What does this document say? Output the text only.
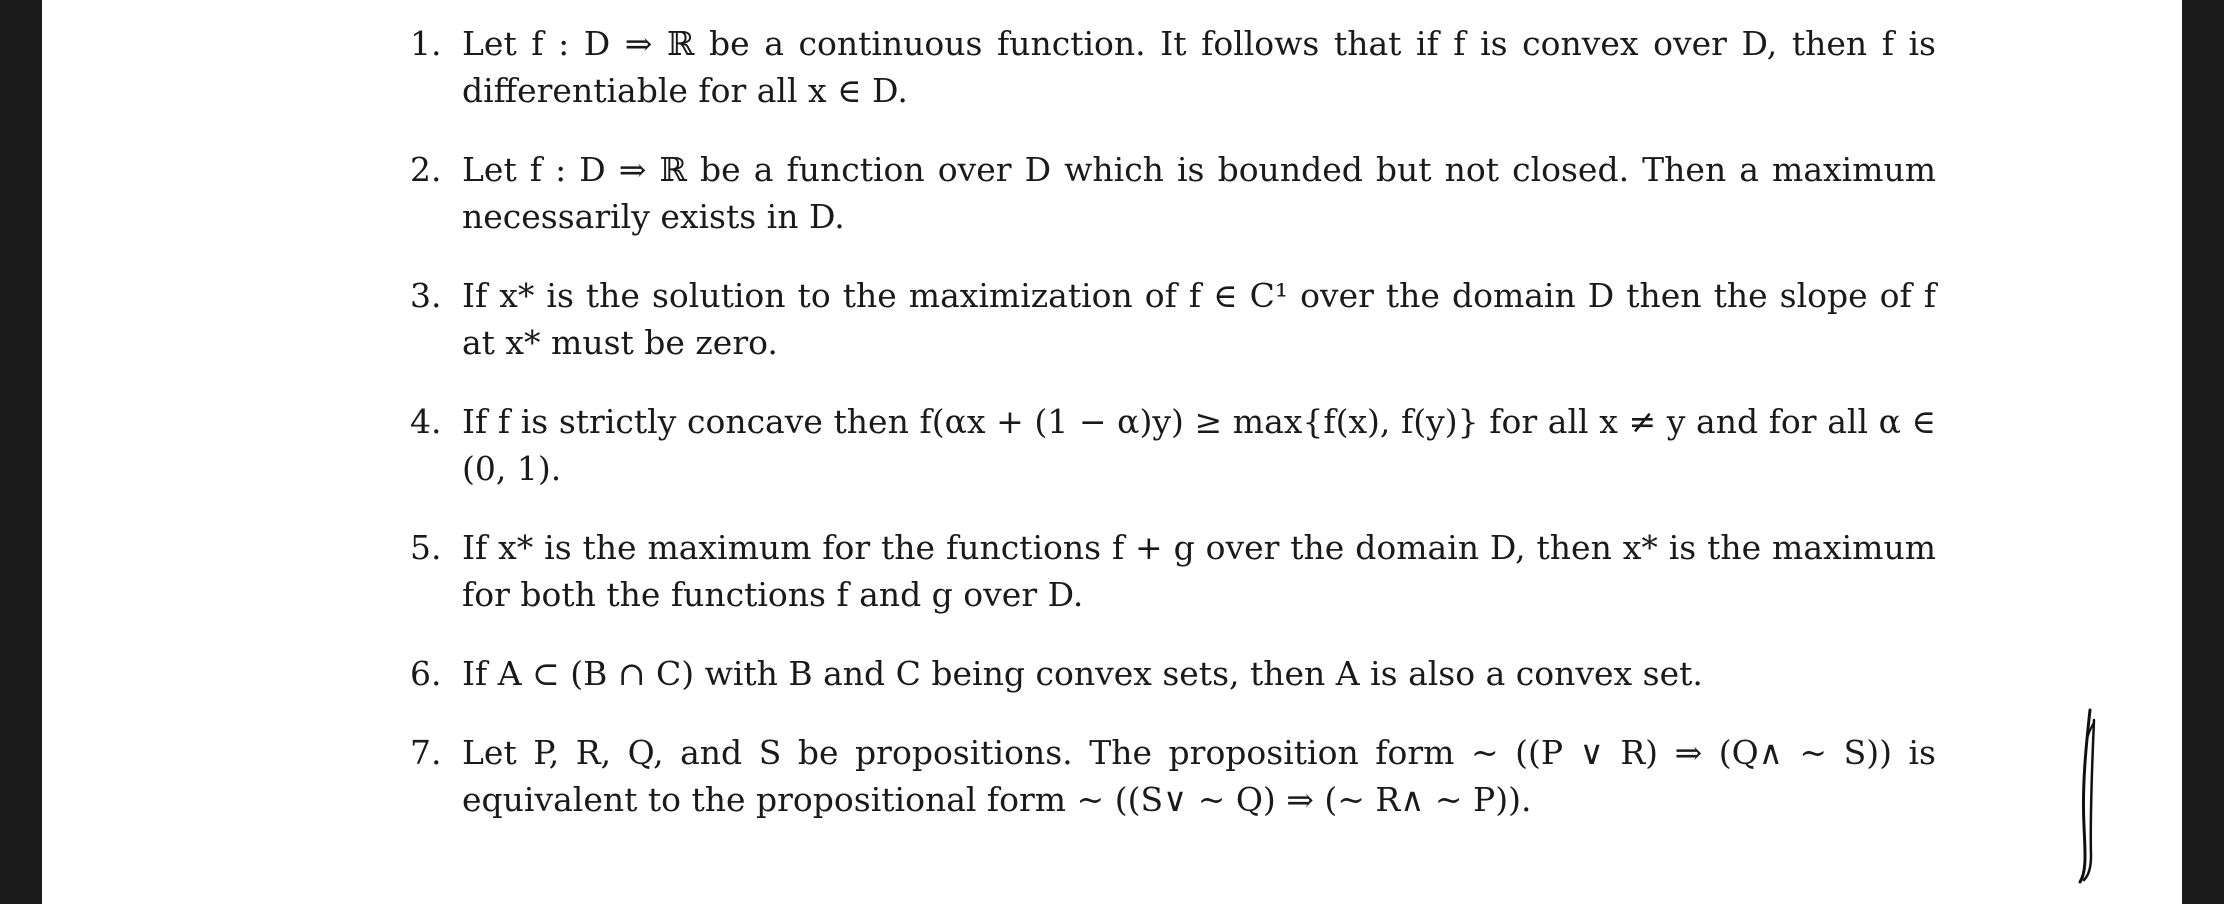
1. Let f : D ⇒ ℝ be a continuous function. It follows that if f is convex over D, then f is differentiable for all x ∈ D.
2. Let f : D ⇒ ℝ be a function over D which is bounded but not closed. Then a maximum necessarily exists in D.
3. If x* is the solution to the maximization of f ∈ C¹ over the domain D then the slope of f at x* must be zero.
4. If f is strictly concave then f(αx + (1 − α)y) ≥ max{f(x), f(y)} for all x ≠ y and for all α ∈ (0, 1).
5. If x* is the maximum for the functions f + g over the domain D, then x* is the maximum for both the functions f and g over D.
6. If A ⊂ (B ∩ C) with B and C being convex sets, then A is also a convex set.
7. Let P, R, Q, and S be propositions. The proposition form ~ ((P ∨ R) ⇒ (Q∧ ~ S)) is equivalent to the propositional form ~ ((S∨ ~ Q) ⇒ (~ R∧ ~ P)).
